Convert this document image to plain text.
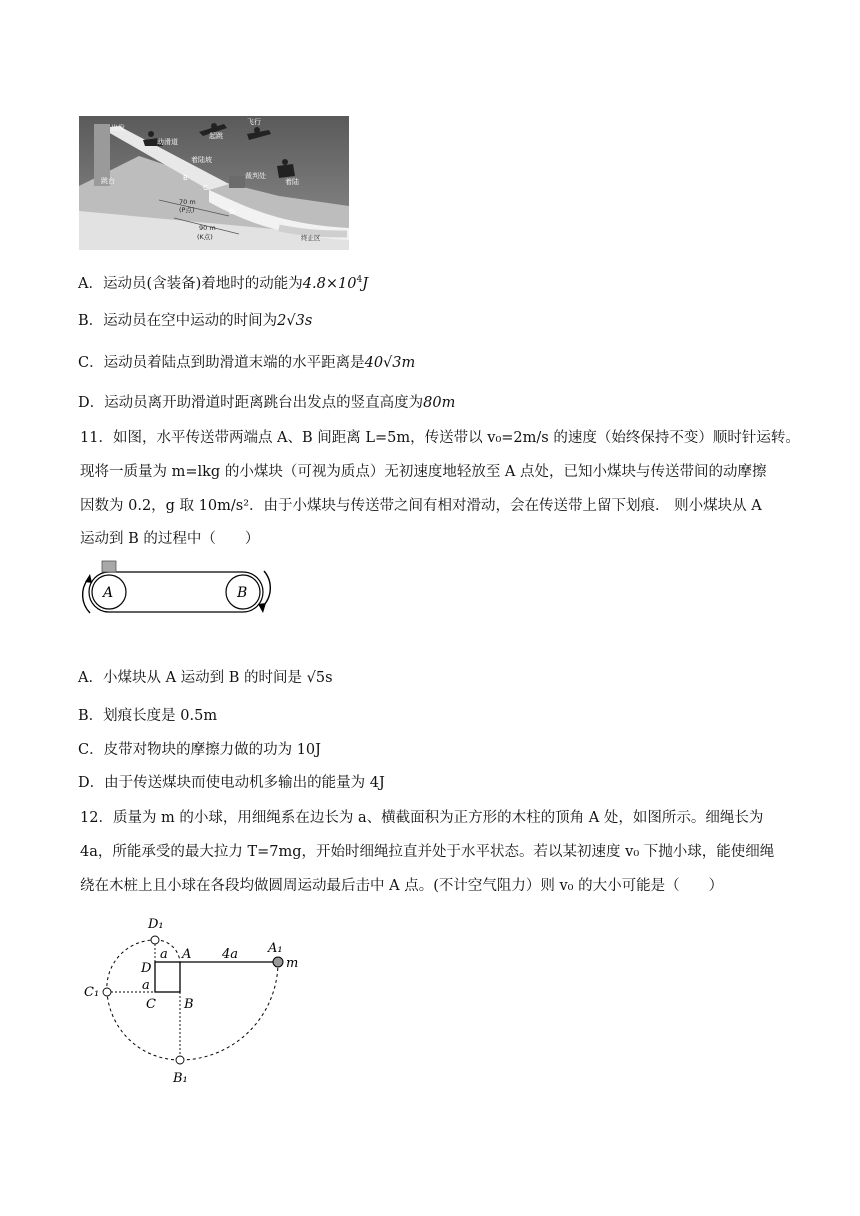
出发
助滑道
起跳
飞行
跳台
着陆坡
裁判处
着陆
B
C
D
70 m
(P点)
90 m
(K点)	终止区
A．运动员(含装备)着地时的动能为$4.8\times 10^4J$
B．运动员在空中运动的时间为2√3s
C．运动员着陆点到助滑道末端的水平距离是40√3m
D．运动员离开助滑道时距离跳台出发点的竖直高度为80m
11．如图，水平传送带两端点 A、B 间距离 L=5m，传送带以 v₀=2m/s 的速度（始终保持不变）顺时针运转。
现将一质量为 m=lkg 的小煤块（可视为质点）无初速度地轻放至 A 点处，已知小煤块与传送带间的动摩擦
因数为 0.2，g 取 10m/s²．由于小煤块与传送带之间有相对滑动，会在传送带上留下划痕． 则小煤块从 A
运动到 B 的过程中（　　）
A	B
A．小煤块从 A 运动到 B 的时间是 √5s
B．划痕长度是 0.5m
C．皮带对物块的摩擦力做的功为 10J
D．由于传送煤块而使电动机多输出的能量为 4J
12．质量为 m 的小球，用细绳系在边长为 a、横截面积为正方形的木柱的顶角 A 处，如图所示。细绳长为
4a，所能承受的最大拉力 T=7mg，开始时细绳拉直并处于水平状态。若以某初速度 v₀ 下抛小球，能使细绳
绕在木桩上且小球在各段均做圆周运动最后击中 A 点。(不计空气阻力）则 v₀ 的大小可能是（　　）
D₁
A 4a A₁
m
D
a
C₁	a
C B
B₁
